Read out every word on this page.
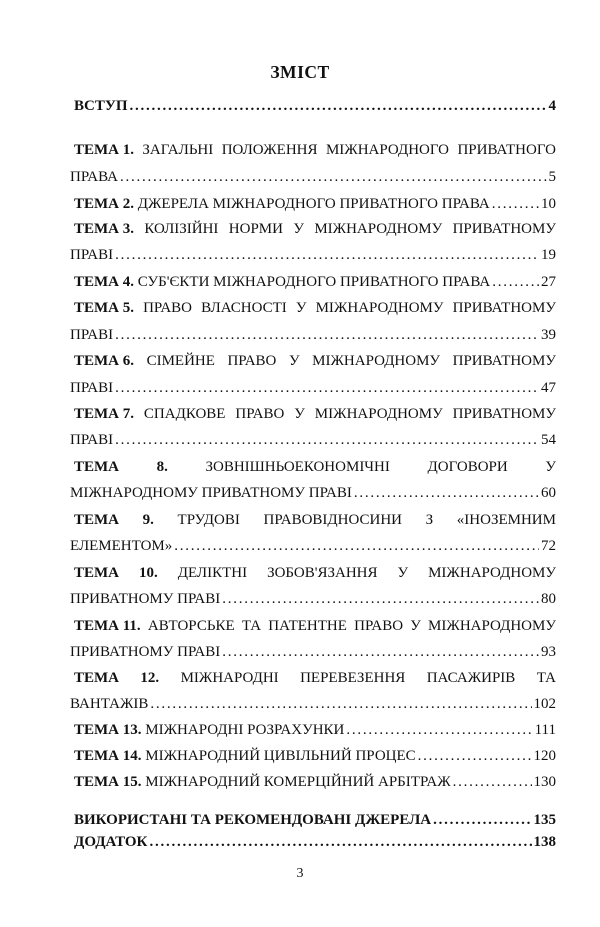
ЗМІСТ
ВСТУП . . .	4
ТЕМА 1. ЗАГАЛЬНІ ПОЛОЖЕННЯ МІЖНАРОДНОГО ПРИВАТНОГО
ПРАВА . . .	5
ТЕМА 2.
ДЖЕРЕЛА МІЖНАРОДНОГО ПРИВАТНОГО ПРАВА . . .	10
ТЕМА 3. КОЛІЗІЙНІ НОРМИ У МІЖНАРОДНОМУ ПРИВАТНОМУ
ПРАВІ . . .	19
ТЕМА 4.
СУБ'ЄКТИ МІЖНАРОДНОГО ПРИВАТНОГО ПРАВА . . .	27
ТЕМА 5. ПРАВО ВЛАСНОСТІ У МІЖНАРОДНОМУ ПРИВАТНОМУ
ПРАВІ . . .	39
ТЕМА 6. СІМЕЙНЕ ПРАВО У МІЖНАРОДНОМУ ПРИВАТНОМУ
ПРАВІ . . .	47
ТЕМА 7. СПАДКОВЕ ПРАВО У МІЖНАРОДНОМУ ПРИВАТНОМУ
ПРАВІ . . .	54
ТЕМА	8.	ЗОВНІШНЬОЕКОНОМІЧНІ	ДОГОВОРИ	У
МІЖНАРОДНОМУ ПРИВАТНОМУ ПРАВІ . . .	60
ТЕМА 9. ТРУДОВІ ПРАВОВІДНОСИНИ З «ІНОЗЕМНИМ
ЕЛЕМЕНТОМ» . . .	72
ТЕМА 10. ДЕЛІКТНІ ЗОБОВ'ЯЗАННЯ У МІЖНАРОДНОМУ
ПРИВАТНОМУ ПРАВІ . . .	80
ТЕМА 11. АВТОРСЬКЕ ТА ПАТЕНТНЕ ПРАВО У МІЖНАРОДНОМУ
ПРИВАТНОМУ ПРАВІ . . .	93
ТЕМА 12. МІЖНАРОДНІ ПЕРЕВЕЗЕННЯ ПАСАЖИРІВ ТА
ВАНТАЖІВ . . .	102
ТЕМА 13.
МІЖНАРОДНІ РОЗРАХУНКИ . . .	111
ТЕМА 14.
МІЖНАРОДНИЙ ЦИВІЛЬНИЙ ПРОЦЕС . . .	120
ТЕМА 15.
МІЖНАРОДНИЙ КОМЕРЦІЙНИЙ АРБІТРАЖ . . .	130
ВИКОРИСТАНІ ТА РЕКОМЕНДОВАНІ ДЖЕРЕЛА . . .	135
ДОДАТОК . . .	138
3
